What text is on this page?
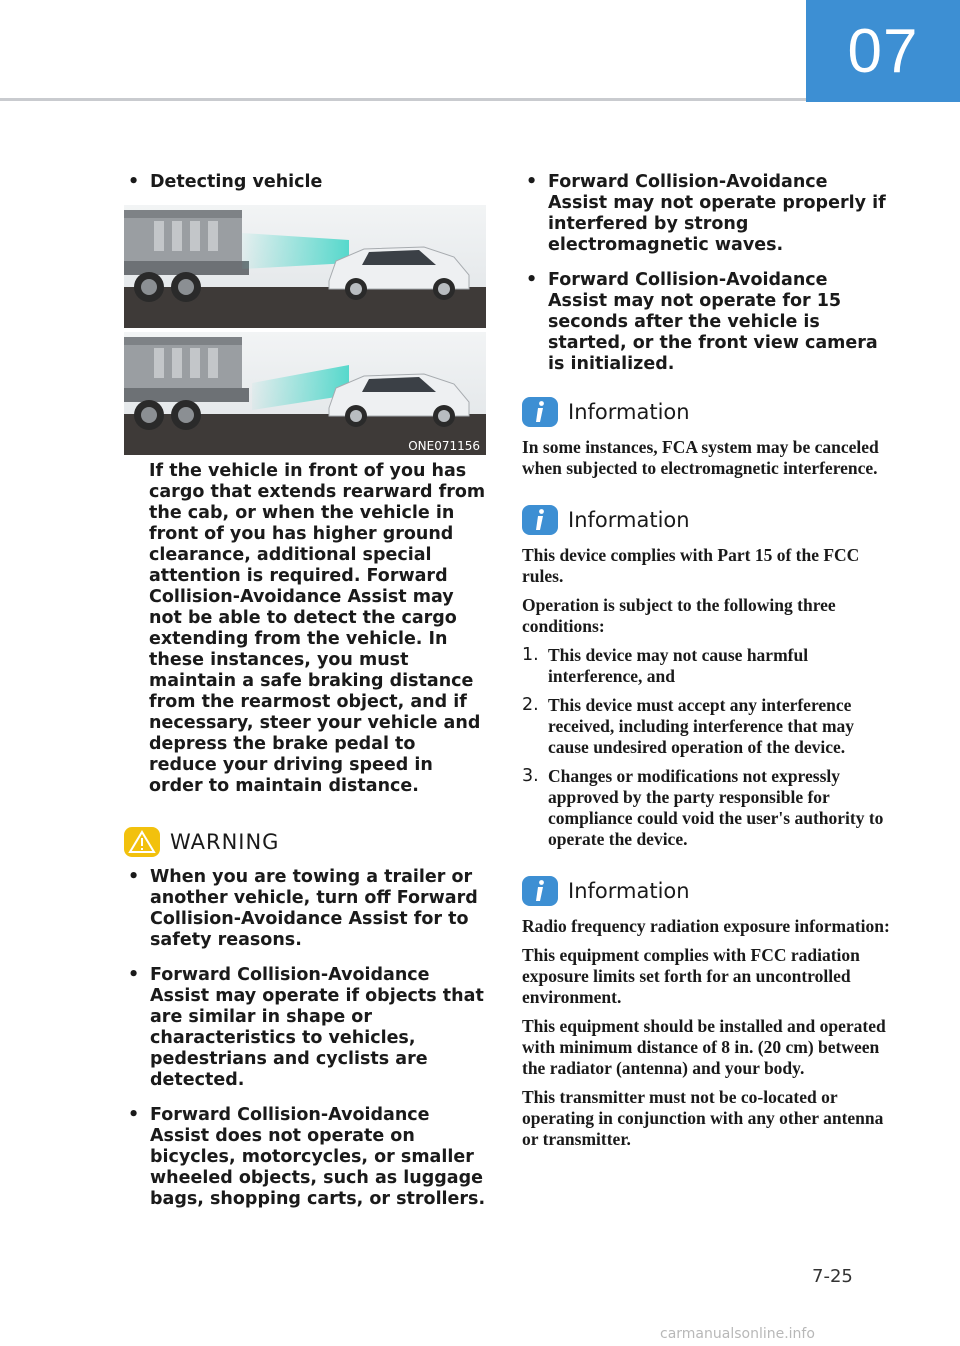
07
• Detecting vehicle
ONE071156

If the vehicle in front of you has cargo that extends rearward from the cab, or when the vehicle in front of you has higher ground clearance, additional special attention is required. Forward Collision-Avoidance Assist may not be able to detect the cargo extending from the vehicle. In these instances, you must maintain a safe braking distance from the rearmost object, and if necessary, steer your vehicle and depress the brake pedal to reduce your driving speed in order to maintain distance.

WARNING
• When you are towing a trailer or another vehicle, turn off Forward Collision-Avoidance Assist for to safety reasons.
• Forward Collision-Avoidance Assist may operate if objects that are similar in shape or characteristics to vehicles, pedestrians and cyclists are detected.
• Forward Collision-Avoidance Assist does not operate on bicycles, motorcycles, or smaller wheeled objects, such as luggage bags, shopping carts, or strollers.
• Forward Collision-Avoidance Assist may not operate properly if interfered by strong electromagnetic waves.
• Forward Collision-Avoidance Assist may not operate for 15 seconds after the vehicle is started, or the front view camera is initialized.
Information

In some instances, FCA system may be canceled when subjected to electromagnetic interference.

Information

This device complies with Part 15 of the FCC rules.

Operation is subject to the following three conditions:

1. This device may not cause harmful interference, and
2. This device must accept any interference received, including interference that may cause undesired operation of the device.
3. Changes or modifications not expressly approved by the party responsible for compliance could void the user's authority to operate the device.
Information

Radio frequency radiation exposure information:

This equipment complies with FCC radiation exposure limits set forth for an uncontrolled environment.

This equipment should be installed and operated with minimum distance of 8 in. (20 cm) between the radiator (antenna) and your body.

This transmitter must not be co-located or operating in conjunction with any other antenna or transmitter.

7-25
carmanualsonline.info
